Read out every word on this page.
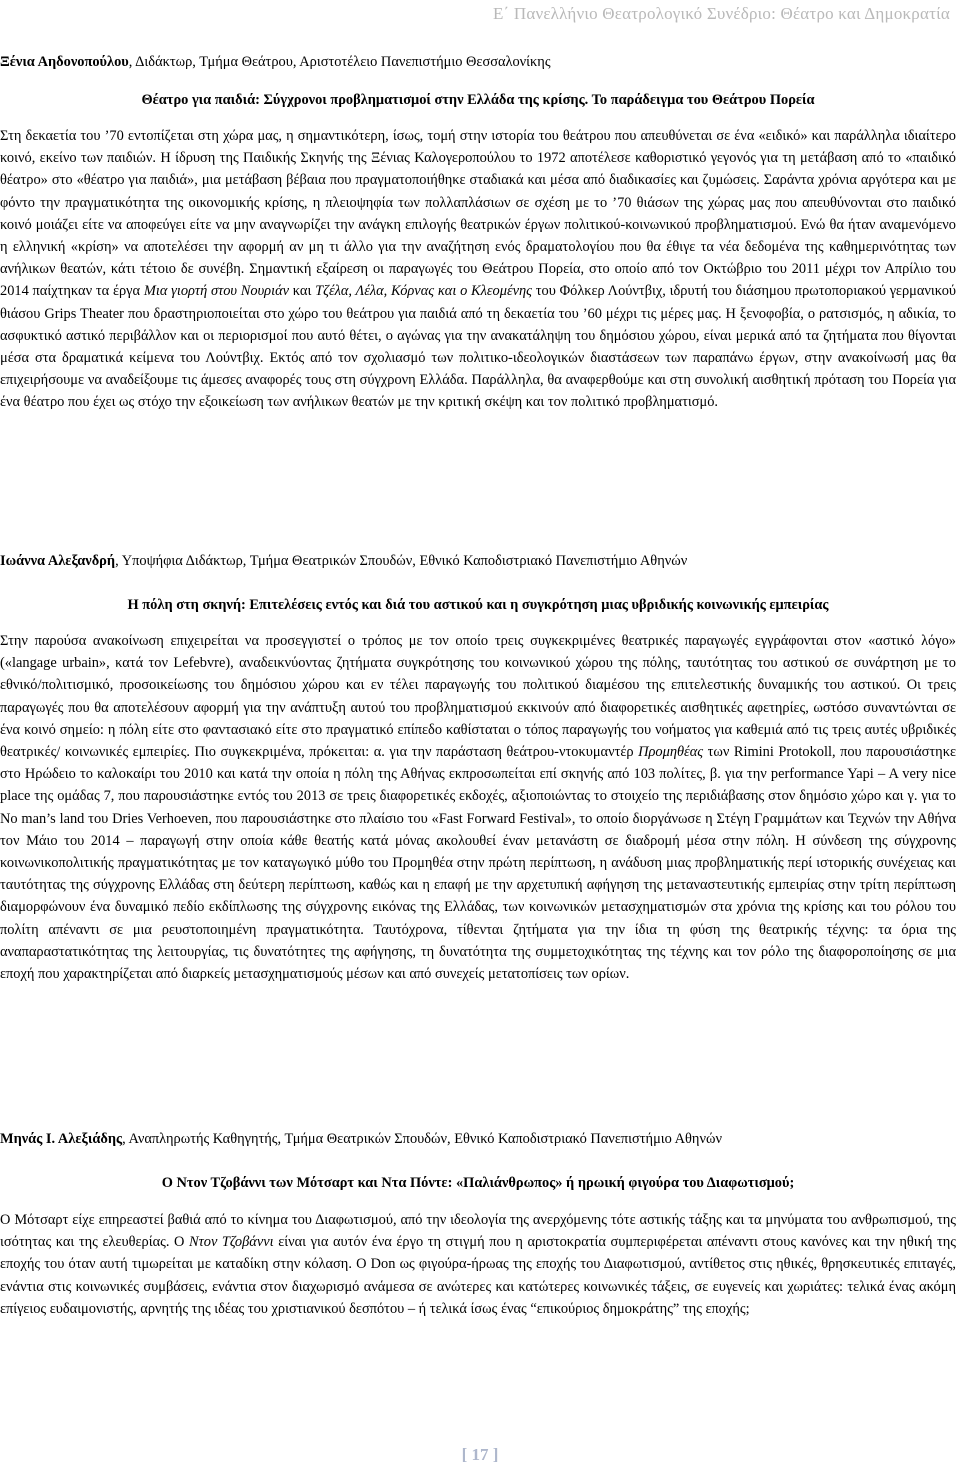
Ε΄ Πανελλήνιο Θεατρολογικό Συνέδριο: Θέατρο και Δημοκρατία

Ξένια Αηδονοπούλου, Διδάκτωρ, Τμήμα Θεάτρου, Αριστοτέλειο Πανεπιστήμιο Θεσσαλονίκης

Θέατρο για παιδιά: Σύγχρονοι προβληματισμοί στην Ελλάδα της κρίσης. Το παράδειγμα του Θεάτρου Πορεία

Στη δεκαετία του ’70 εντοπίζεται στη χώρα μας, η σημαντικότερη, ίσως, τομή στην ιστορία του θεάτρου που απευθύνεται σε ένα «ειδικό» και παράλληλα ιδιαίτερο κοινό, εκείνο των παιδιών. Η ίδρυση της Παιδικής Σκηνής της Ξένιας Καλογεροπούλου το 1972 αποτέλεσε καθοριστικό γεγονός για τη μετάβαση από το «παιδικό θέατρο» στο «θέατρο για παιδιά», μια μετάβαση βέβαια που πραγματοποιήθηκε σταδιακά και μέσα από διαδικασίες και ζυμώσεις. Σαράντα χρόνια αργότερα και με φόντο την πραγματικότητα της οικονομικής κρίσης, η πλειοψηφία των πολλαπλάσιων σε σχέση με το ’70 θιάσων της χώρας μας που απευθύνονται στο παιδικό κοινό μοιάζει είτε να αποφεύγει είτε να μην αναγνωρίζει την ανάγκη επιλογής θεατρικών έργων πολιτικού-κοινωνικού προβληματισμού. Ενώ θα ήταν αναμενόμενο η ελληνική «κρίση» να αποτελέσει την αφορμή αν μη τι άλλο για την αναζήτηση ενός δραματολογίου που θα έθιγε τα νέα δεδομένα της καθημερινότητας των ανήλικων θεατών, κάτι τέτοιο δε συνέβη. Σημαντική εξαίρεση οι παραγωγές του Θεάτρου Πορεία, στο οποίο από τον Οκτώβριο του 2011 μέχρι τον Απρίλιο του 2014 παίχτηκαν τα έργα Μια γιορτή στου Νουριάν και Τζέλα, Λέλα, Κόρνας και ο Κλεομένης του Φόλκερ Λούντβιχ, ιδρυτή του διάσημου πρωτοποριακού γερμανικού θιάσου Grips Theater που δραστηριοποιείται στο χώρο του θεάτρου για παιδιά από τη δεκαετία του ’60 μέχρι τις μέρες μας. Η ξενοφοβία, ο ρατσισμός, η αδικία, το ασφυκτικό αστικό περιβάλλον και οι περιορισμοί που αυτό θέτει, ο αγώνας για την ανακατάληψη του δημόσιου χώρου, είναι μερικά από τα ζητήματα που θίγονται μέσα στα δραματικά κείμενα του Λούντβιχ. Εκτός από τον σχολιασμό των πολιτικο-ιδεολογικών διαστάσεων των παραπάνω έργων, στην ανακοίνωσή μας θα επιχειρήσουμε να αναδείξουμε τις άμεσες αναφορές τους στη σύγχρονη Ελλάδα. Παράλληλα, θα αναφερθούμε και στη συνολική αισθητική πρόταση του Πορεία για ένα θέατρο που έχει ως στόχο την εξοικείωση των ανήλικων θεατών με την κριτική σκέψη και τον πολιτικό προβληματισμό.

Ιωάννα Αλεξανδρή, Υποψήφια Διδάκτωρ, Τμήμα Θεατρικών Σπουδών, Εθνικό Καποδιστριακό Πανεπιστήμιο Αθηνών

Η πόλη στη σκηνή: Επιτελέσεις εντός και διά του αστικού και η συγκρότηση μιας υβριδικής κοινωνικής εμπειρίας

Στην παρούσα ανακοίνωση επιχειρείται να προσεγγιστεί ο τρόπος με τον οποίο τρεις συγκεκριμένες θεατρικές παραγωγές εγγράφονται στον «αστικό λόγο» («langage urbain», κατά τον Lefebvre), αναδεικνύοντας ζητήματα συγκρότησης του κοινωνικού χώρου της πόλης, ταυτότητας του αστικού σε συνάρτηση με το εθνικό/πολιτισμικό, προσοικείωσης του δημόσιου χώρου και εν τέλει παραγωγής του πολιτικού διαμέσου της επιτελεστικής δυναμικής του αστικού. Οι τρεις παραγωγές που θα αποτελέσουν αφορμή για την ανάπτυξη αυτού του προβληματισμού εκκινούν από διαφορετικές αισθητικές αφετηρίες, ωστόσο συναντώνται σε ένα κοινό σημείο: η πόλη είτε στο φαντασιακό είτε στο πραγματικό επίπεδο καθίσταται ο τόπος παραγωγής του νοήματος για καθεμιά από τις τρεις αυτές υβριδικές θεατρικές/ κοινωνικές εμπειρίες. Πιο συγκεκριμένα, πρόκειται: α. για την παράσταση θεάτρου-ντοκυμαντέρ Προμηθέας των Rimini Protokoll, που παρουσιάστηκε στο Ηρώδειο το καλοκαίρι του 2010 και κατά την οποία η πόλη της Αθήνας εκπροσωπείται επί σκηνής από 103 πολίτες, β. για την performance Yapi – A very nice place της ομάδας 7, που παρουσιάστηκε εντός του 2013 σε τρεις διαφορετικές εκδοχές, αξιοποιώντας το στοιχείο της περιδιάβασης στον δημόσιο χώρο και γ. για το No man’s land του Dries Verhoeven, που παρουσιάστηκε στο πλαίσιο του «Fast Forward Festival», το οποίο διοργάνωσε η Στέγη Γραμμάτων και Τεχνών την Αθήνα τον Μάιο του 2014 – παραγωγή στην οποία κάθε θεατής κατά μόνας ακολουθεί έναν μετανάστη σε διαδρομή μέσα στην πόλη. Η σύνδεση της σύγχρονης κοινωνικοπολιτικής πραγματικότητας με τον καταγωγικό μύθο του Προμηθέα στην πρώτη περίπτωση, η ανάδυση μιας προβληματικής περί ιστορικής συνέχειας και ταυτότητας της σύγχρονης Ελλάδας στη δεύτερη περίπτωση, καθώς και η επαφή με την αρχετυπική αφήγηση της μεταναστευτικής εμπειρίας στην τρίτη περίπτωση διαμορφώνουν ένα δυναμικό πεδίο εκδίπλωσης της σύγχρονης εικόνας της Ελλάδας, των κοινωνικών μετασχηματισμών στα χρόνια της κρίσης και του ρόλου του πολίτη απέναντι σε μια ρευστοποιημένη πραγματικότητα. Ταυτόχρονα, τίθενται ζητήματα για την ίδια τη φύση της θεατρικής τέχνης: τα όρια της αναπαραστατικότητας της λειτουργίας, τις δυνατότητες της αφήγησης, τη δυνατότητα της συμμετοχικότητας της τέχνης και τον ρόλο της διαφοροποίησης σε μια εποχή που χαρακτηρίζεται από διαρκείς μετασχηματισμούς μέσων και από συνεχείς μετατοπίσεις των ορίων.

Μηνάς Ι. Αλεξιάδης, Αναπληρωτής Καθηγητής, Τμήμα Θεατρικών Σπουδών, Εθνικό Καποδιστριακό Πανεπιστήμιο Αθηνών

Ο Ντον Τζοβάννι των Μότσαρτ και Ντα Πόντε: «Παλιάνθρωπος» ή ηρωική φιγούρα του Διαφωτισμού;

Ο Μότσαρτ είχε επηρεαστεί βαθιά από το κίνημα του Διαφωτισμού, από την ιδεολογία της ανερχόμενης τότε αστικής τάξης και τα μηνύματα του ανθρωπισμού, της ισότητας και της ελευθερίας. Ο Ντον Τζοβάννι είναι για αυτόν ένα έργο τη στιγμή που η αριστοκρατία συμπεριφέρεται απέναντι στους κανόνες και την ηθική της εποχής του όταν αυτή τιμωρείται με καταδίκη στην κόλαση. Ο Don ως φιγούρα-ήρωας της εποχής του Διαφωτισμού, αντίθετος στις ηθικές, θρησκευτικές επιταγές, ενάντια στις κοινωνικές συμβάσεις, ενάντια στον διαχωρισμό ανάμεσα σε ανώτερες και κατώτερες κοινωνικές τάξεις, σε ευγενείς και χωριάτες: τελικά ένας ακόμη επίγειος ευδαιμονιστής, αρνητής της ιδέας του χριστιανικού δεσπότου – ή τελικά ίσως ένας “επικούριος δημοκράτης” της εποχής;

[ 17 ]
